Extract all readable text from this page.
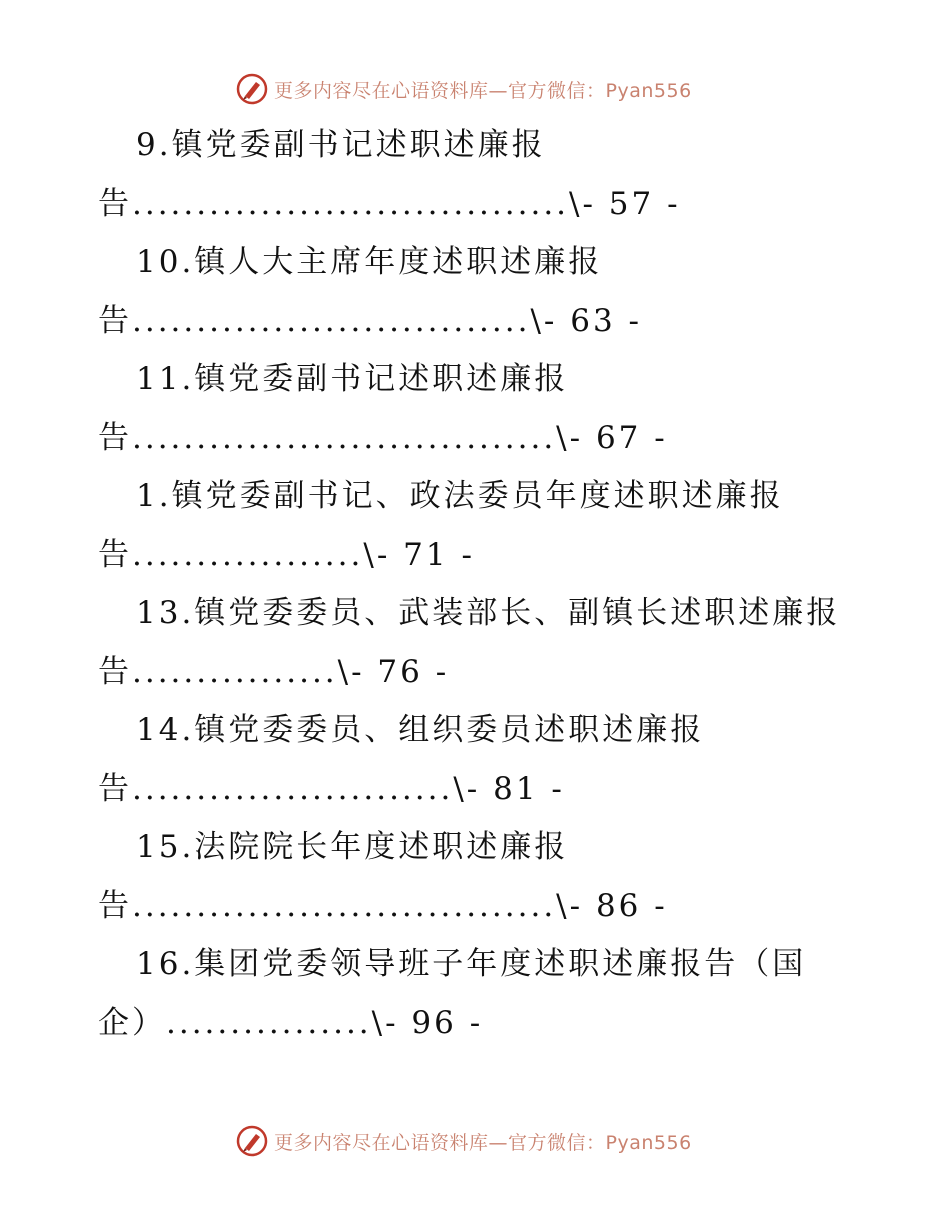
更多内容尽在心语资料库—官方微信：Pyan556
9.镇党委副书记述职述廉报
告..................................\- 57 -
10.镇人大主席年度述职述廉报
告...............................\- 63 -
11.镇党委副书记述职述廉报
告.................................\- 67 -
1.镇党委副书记、政法委员年度述职述廉报
告..................\- 71 -
13.镇党委委员、武装部长、副镇长述职述廉报
告................\- 76 -
14.镇党委委员、组织委员述职述廉报
告.........................\- 81 -
15.法院院长年度述职述廉报
告.................................\- 86 -
16.集团党委领导班子年度述职述廉报告（国
企）................\- 96 -
更多内容尽在心语资料库—官方微信：Pyan556
